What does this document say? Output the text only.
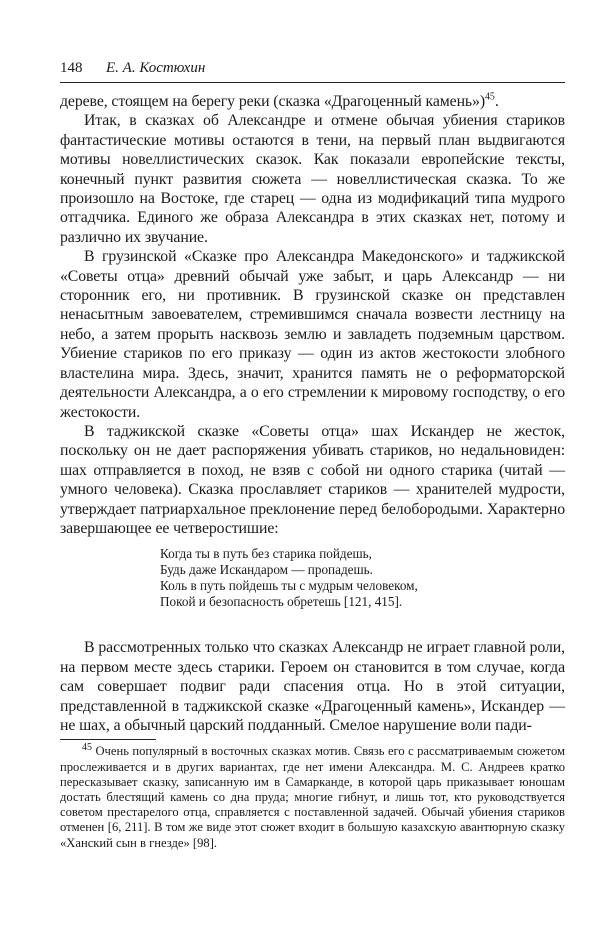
148 Е. А. Костюхин

дереве, стоящем на берегу реки (сказка «Драгоценный камень»)$^{45}$.

Итак, в сказках об Александре и отмене обычая убиения стариков фантастические мотивы остаются в тени, на первый план выдвигаются мотивы новеллистических сказок. Как показали европейские тексты, конечный пункт развития сюжета — новеллистическая сказка. То же произошло на Востоке, где старец — одна из модификаций типа мудрого отгадчика. Единого же образа Александра в этих сказках нет, потому и различно их звучание.

В грузинской «Сказке про Александра Македонского» и таджикской «Советы отца» древний обычай уже забыт, и царь Александр — ни сторонник его, ни противник. В грузинской сказке он представлен ненасытным завоевателем, стремившимся сначала возвести лестницу на небо, а затем прорыть насквозь землю и завладеть подземным царством. Убиение стариков по его приказу — один из актов жестокости злобного властелина мира. Здесь, значит, хранится память не о реформаторской деятельности Александра, а о его стремлении к мировому господству, о его жестокости.

В таджикской сказке «Советы отца» шах Искандер не жесток, поскольку он не дает распоряжения убивать стариков, но недальновиден: шах отправляется в поход, не взяв с собой ни одного старика (читай — умного человека). Сказка прославляет стариков — хранителей мудрости, утверждает патриархальное преклонение перед белобородыми. Характерно завершающее ее четверостишие:

Когда ты в путь без старика пойдешь,
Будь даже Искандаром — пропадешь.
Коль в путь пойдешь ты с мудрым человеком,
Покой и безопасность обретешь [121, 415].

В рассмотренных только что сказках Александр не играет главной роли, на первом месте здесь старики. Героем он становится в том случае, когда сам совершает подвиг ради спасения отца. Но в этой ситуации, представленной в таджикской сказке «Драгоценный камень», Искандер — не шах, а обычный царский подданный. Смелое нарушение воли пади-

$^{45}$ Очень популярный в восточных сказках мотив. Связь его с рассматриваемым сюжетом прослеживается и в других вариантах, где нет имени Александра. М. С. Андреев кратко пересказывает сказку, записанную им в Самарканде, в которой царь приказывает юношам достать блестящий камень со дна пруда; многие гибнут, и лишь тот, кто руководствуется советом престарелого отца, справляется с поставленной задачей. Обычай убиения стариков отменен [6, 211]. В том же виде этот сюжет входит в большую казахскую авантюрную сказку «Ханский сын в гнезде» [98].
